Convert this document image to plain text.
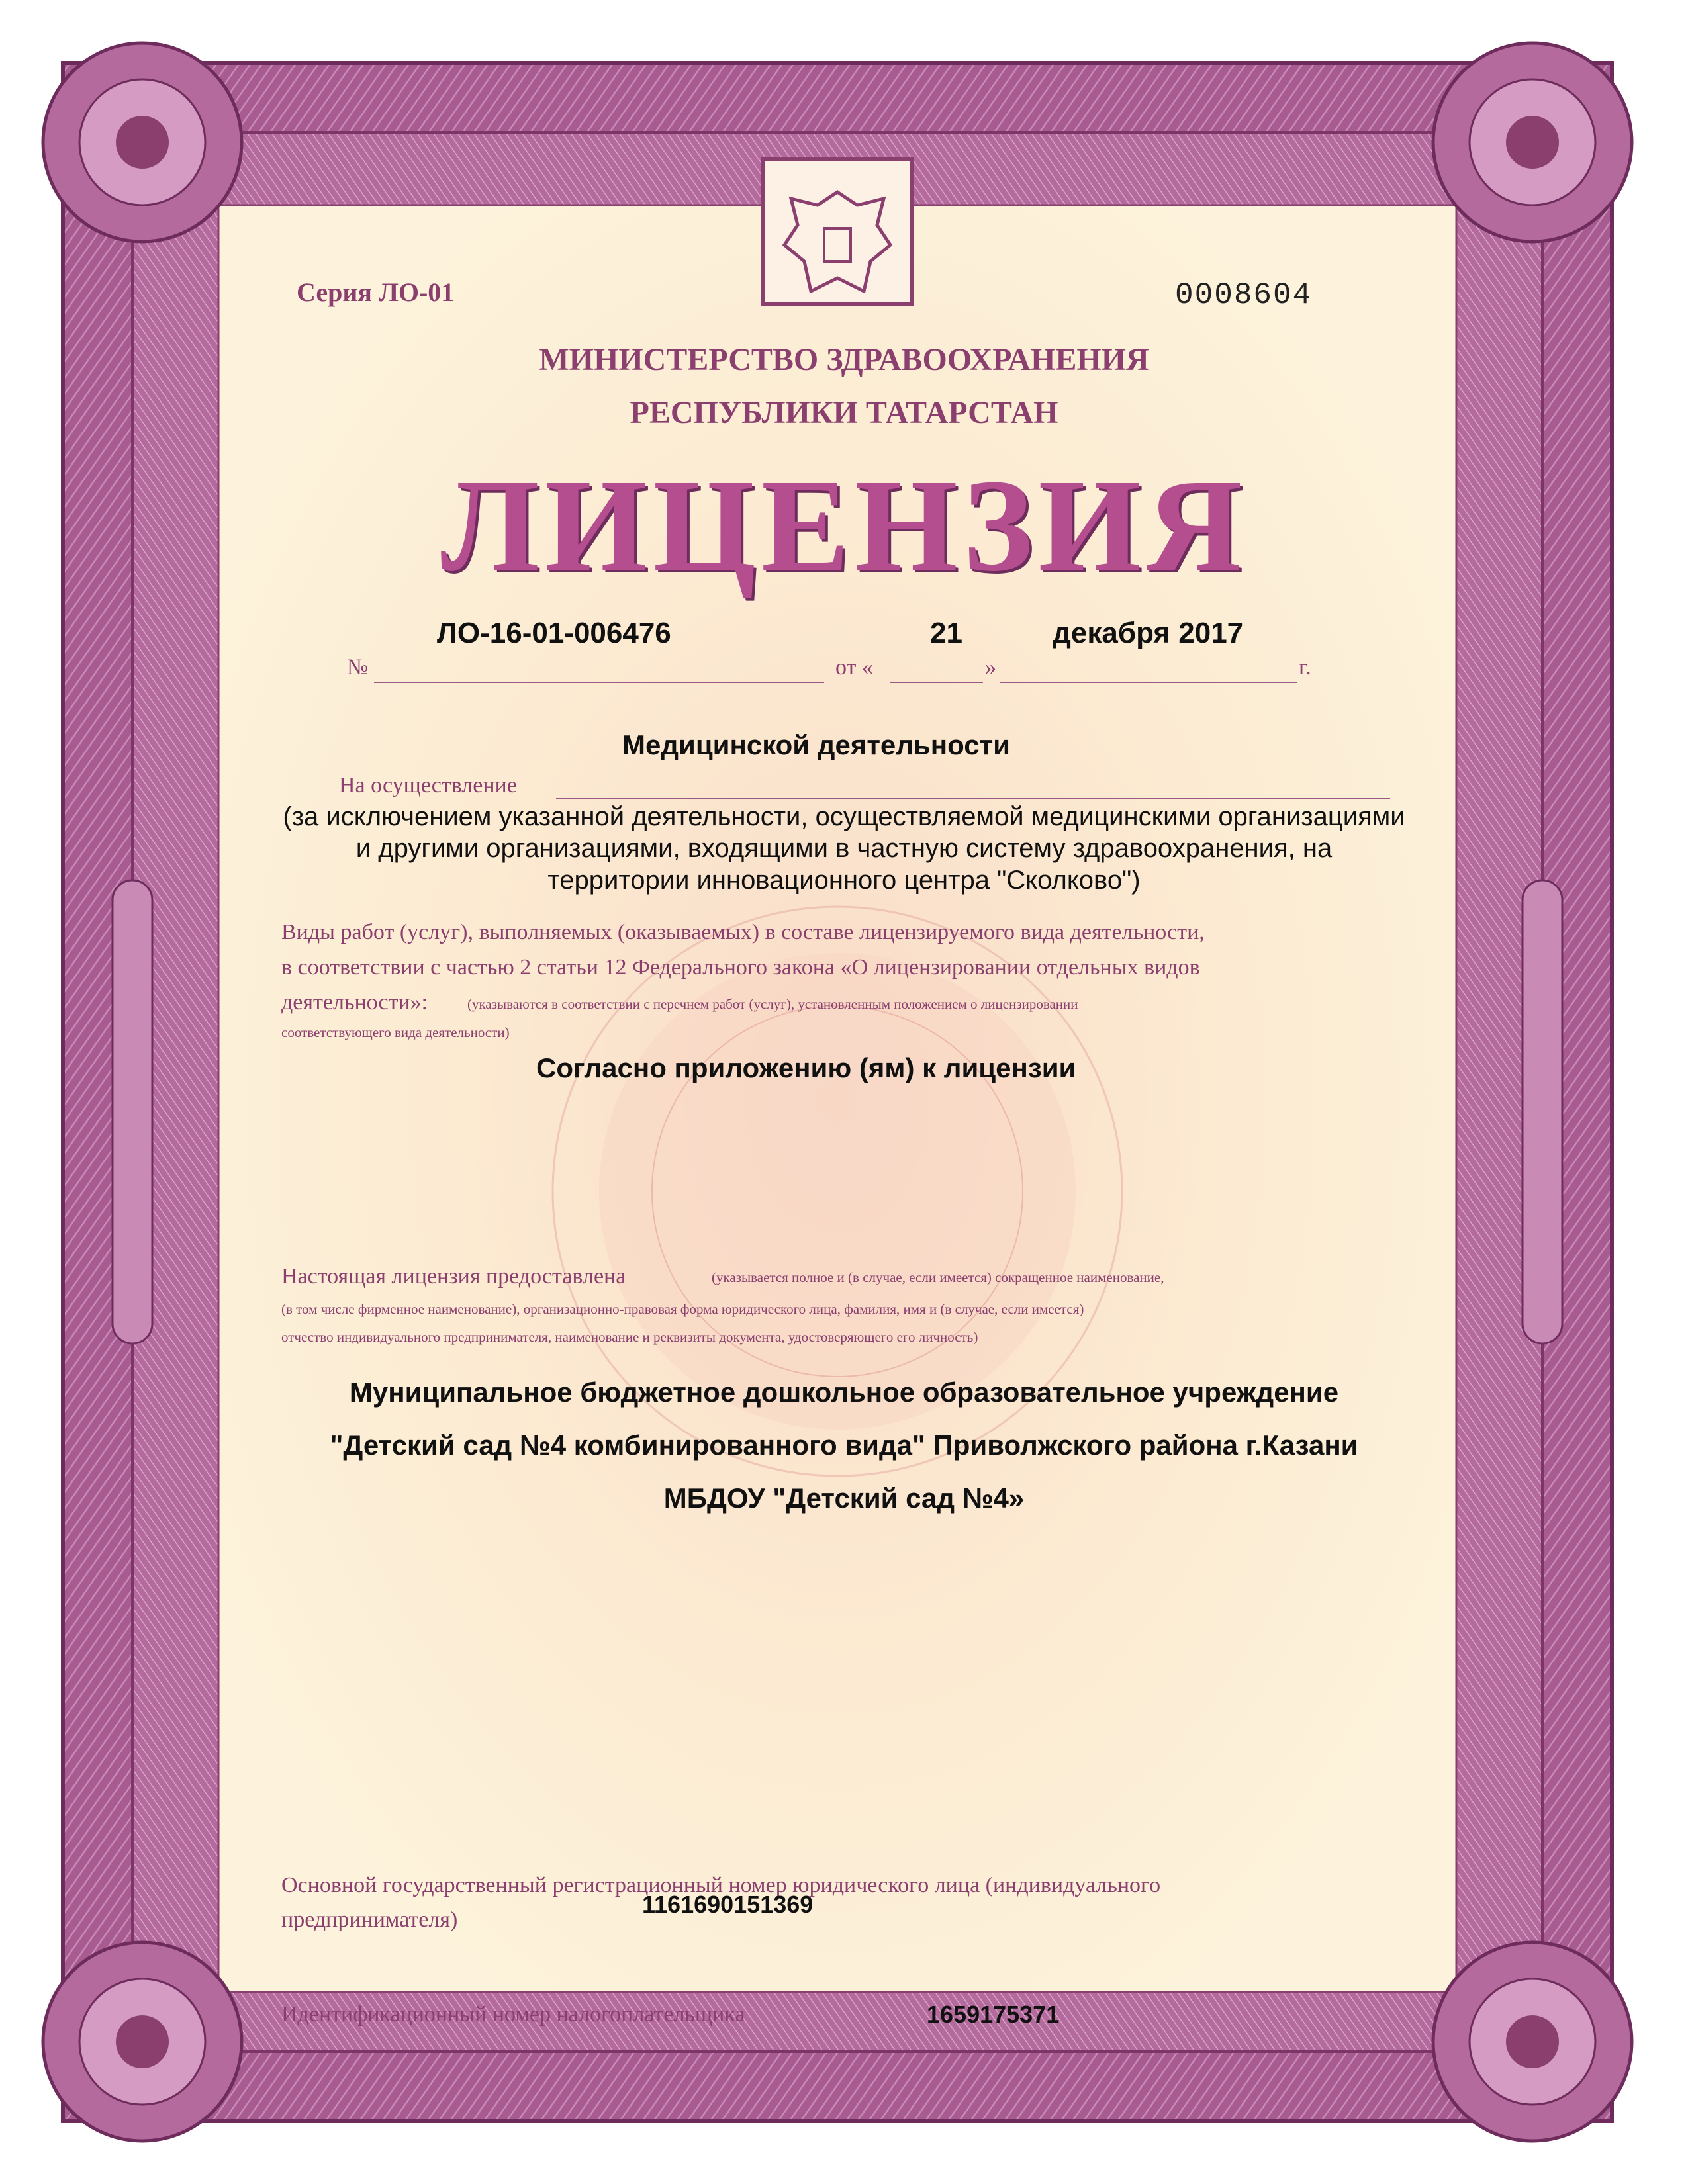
Серия ЛО-01	0008604

МИНИСТЕРСТВО ЗДРАВООХРАНЕНИЯ

РЕСПУБЛИКИ ТАТАРСТАН

ЛИЦЕНЗИЯ

ЛО-16-01-006476	21	декабря 2017

№	от «	»	г.

Медицинской деятельности

На осуществление

(за исключением указанной деятельности, осуществляемой медицинскими организациями

и другими организациями, входящими в частную систему здравоохранения, на

территории инновационного центра "Сколково")

Виды работ (услуг), выполняемых (оказываемых) в составе лицензируемого вида деятельности,

в соответствии с частью 2 статьи 12 Федерального закона «О лицензировании отдельных видов

деятельности»:	(указываются в соответствии с перечнем работ (услуг), установленным положением о лицензировании

соответствующего вида деятельности)

Согласно приложению (ям) к лицензии

Настоящая лицензия предоставлена	(указывается полное и (в случае, если имеется) сокращенное наименование,

(в том числе фирменное наименование), организационно-правовая форма юридического лица, фамилия, имя и (в случае, если имеется)

отчество индивидуального предпринимателя, наименование и реквизиты документа, удостоверяющего его личность)

Муниципальное бюджетное дошкольное образовательное учреждение

"Детский сад №4 комбинированного вида" Приволжского района г.Казани

МБДОУ "Детский сад №4»

Основной государственный регистрационный номер юридического лица (индивидуального

предпринимателя)

1161690151369

Идентификационный номер налогоплательщика	1659175371
